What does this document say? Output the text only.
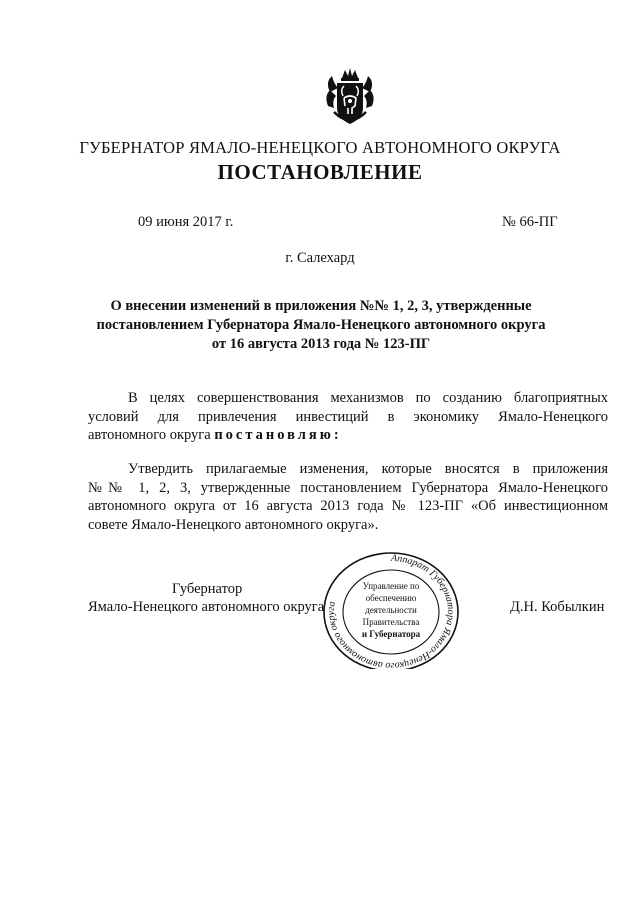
ГУБЕРНАТОР ЯМАЛО-НЕНЕЦКОГО АВТОНОМНОГО ОКРУГА
ПОСТАНОВЛЕНИЕ
09 июня 2017 г.	№ 66-ПГ
г. Салехард
О внесении изменений в приложения №№ 1, 2, 3, утвержденные
постановлением Губернатора Ямало-Ненецкого автономного округа
от 16 августа 2013 года № 123-ПГ
В целях совершенствования механизмов по созданию благоприятных
условий для привлечения инвестиций в экономику Ямало-Ненецкого
автономного округа постановляю:
Утвердить прилагаемые изменения, которые вносятся в приложения
№№ 1, 2, 3, утвержденные постановлением Губернатора Ямало-Ненецкого
автономного округа от 16 августа 2013 года № 123-ПГ «Об инвестиционном
совете Ямало-Ненецкого автономного округа».
Губернатор
Ямало-Ненецкого автономного округа	Д.Н. Кобылкин
Аппарат Губернатора Ямало-Ненецкого автономного округа
Управление по
обеспечению
деятельности
Правительства
и Губернатора
